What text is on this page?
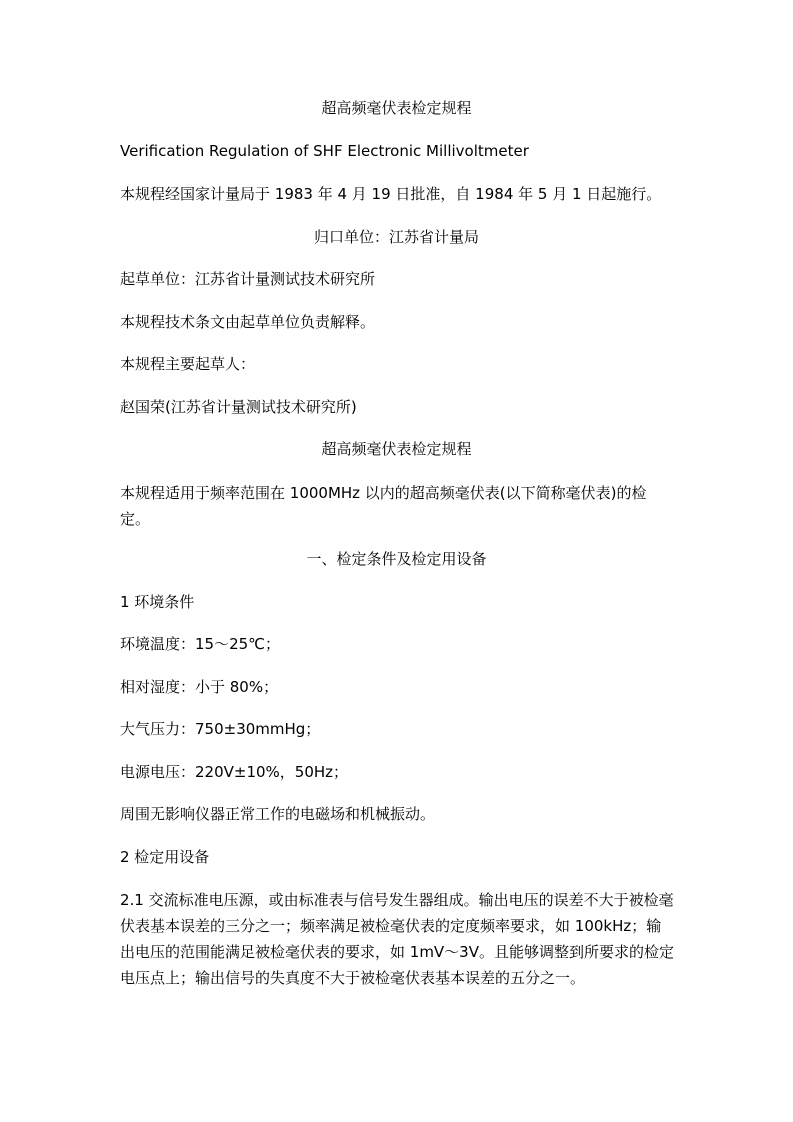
超高频毫伏表检定规程
Verification Regulation of SHF Electronic Millivoltmeter
本规程经国家计量局于 1983 年 4 月 19 日批准，自 1984 年 5 月 1 日起施行。
归口单位：江苏省计量局
起草单位：江苏省计量测试技术研究所
本规程技术条文由起草单位负责解释。
本规程主要起草人：
赵国荣(江苏省计量测试技术研究所)
超高频毫伏表检定规程
本规程适用于频率范围在 1000MHz 以内的超高频毫伏表(以下简称毫伏表)的检定。
一、检定条件及检定用设备
1 环境条件
环境温度：15～25℃；
相对湿度：小于 80%；
大气压力：750±30mmHg；
电源电压：220V±10%，50Hz；
周围无影响仪器正常工作的电磁场和机械振动。
2 检定用设备
2.1 交流标准电压源，或由标准表与信号发生器组成。输出电压的误差不大于被检毫伏表基本误差的三分之一；频率满足被检毫伏表的定度频率要求，如 100kHz；输出电压的范围能满足被检毫伏表的要求，如 1mV～3V。且能够调整到所要求的检定电压点上；输出信号的失真度不大于被检毫伏表基本误差的五分之一。
